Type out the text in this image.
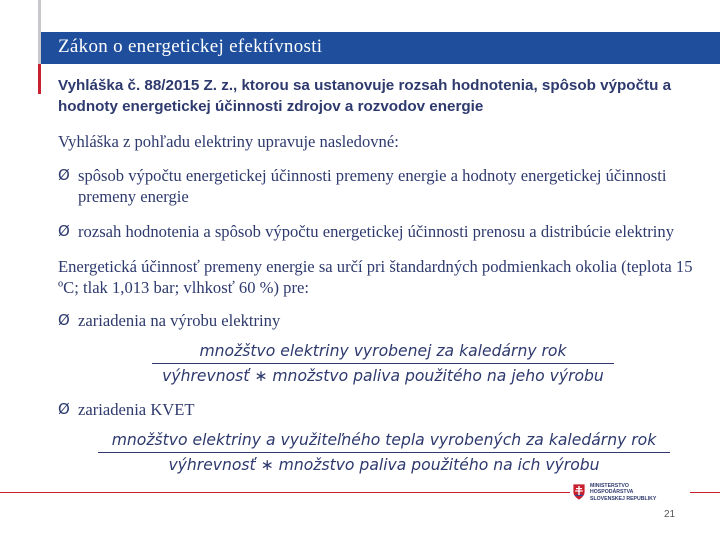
Zákon o energetickej efektívnosti
Vyhláška č. 88/2015 Z. z., ktorou sa ustanovuje rozsah hodnotenia, spôsob výpočtu a hodnoty energetickej účinnosti zdrojov a rozvodov energie
Vyhláška z pohľadu elektriny upravuje nasledovné:
Ø spôsob výpočtu energetickej účinnosti premeny energie a hodnoty energetickej účinnosti premeny energie
Ø rozsah hodnotenia a spôsob výpočtu energetickej účinnosti prenosu a distribúcie elektriny
Energetická účinnosť premeny energie sa určí pri štandardných podmienkach okolia (teplota 15 ºC; tlak 1,013 bar; vlhkosť 60 %) pre:
Ø zariadenia na výrobu elektriny
množštvo elektriny vyrobenej za kaledárny rok
výhrevnosť ∗ množstvo paliva použitého na jeho výrobu
Ø zariadenia KVET
množštvo elektriny a využiteľného tepla vyrobených za kaledárny rok
výhrevnosť ∗ množstvo paliva použitého na ich výrobu
MINISTERSTVO
HOSPODÁRSTVA
SLOVENSKEJ REPUBLIKY
21
